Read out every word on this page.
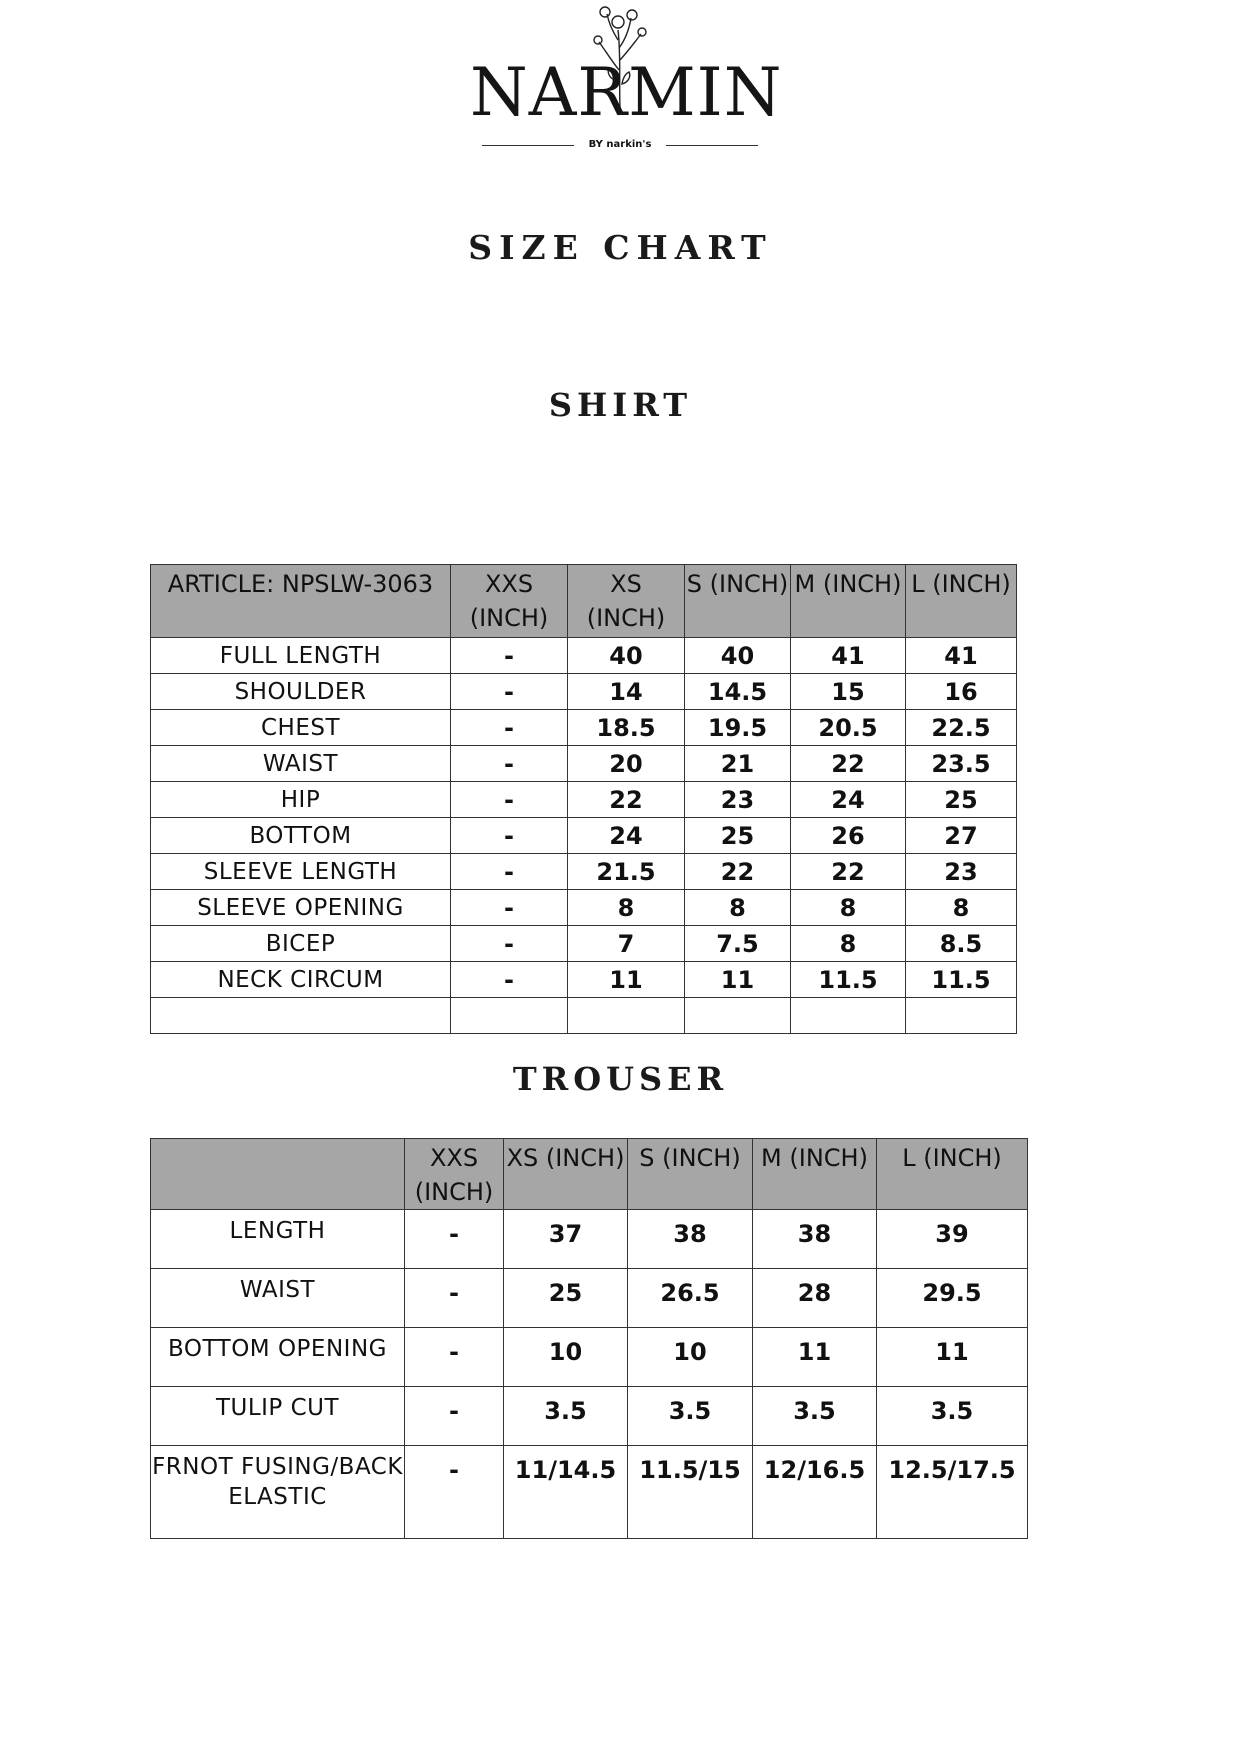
NARMIN
BY narkin's
SIZE CHART
SHIRT
ARTICLE: NPSLW-3063	XXS (INCH)	XS (INCH)	S (INCH)	M (INCH)	L (INCH)
FULL LENGTH	-	40	40	41	41
SHOULDER	-	14	14.5	15	16
CHEST	-	18.5	19.5	20.5	22.5
WAIST	-	20	21	22	23.5
HIP	-	22	23	24	25
BOTTOM	-	24	25	26	27
SLEEVE LENGTH	-	21.5	22	22	23
SLEEVE OPENING	-	8	8	8	8
BICEP	-	7	7.5	8	8.5
NECK CIRCUM	-	11	11	11.5	11.5

TROUSER
	XXS (INCH)	XS (INCH)	S (INCH)	M (INCH)	L (INCH)
LENGTH	-	37	38	38	39
WAIST	-	25	26.5	28	29.5
BOTTOM OPENING	-	10	10	11	11
TULIP CUT	-	3.5	3.5	3.5	3.5
FRNOT FUSING/BACK ELASTIC	-	11/14.5	11.5/15	12/16.5	12.5/17.5
